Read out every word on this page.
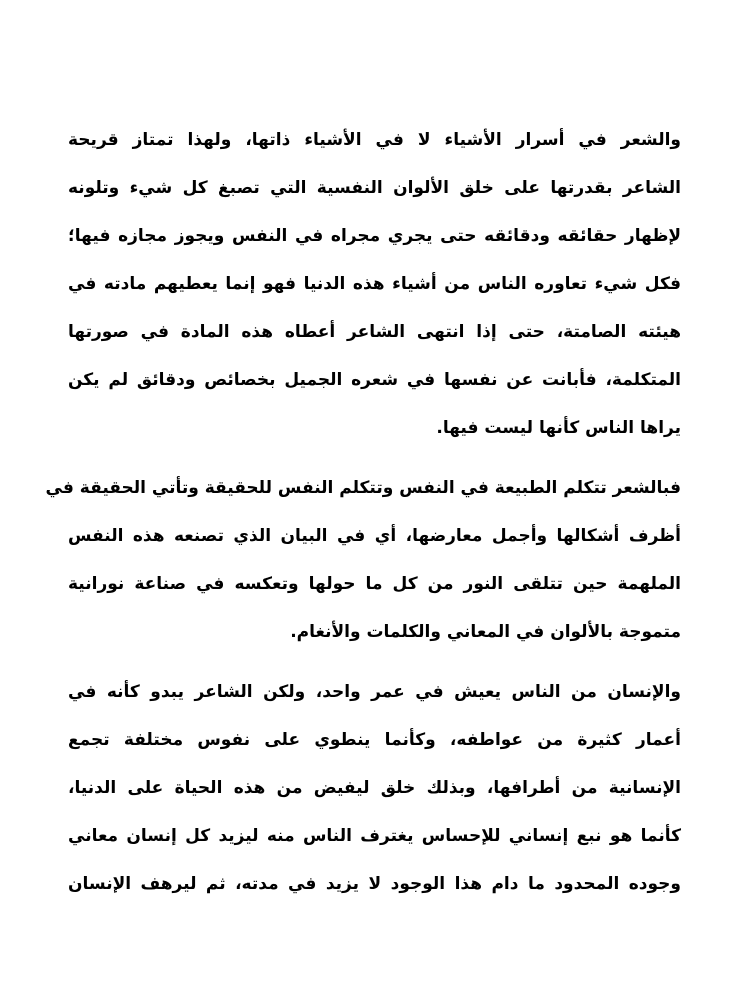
والشعر في أسرار الأشياء لا في الأشياء ذاتها، ولهذا تمتاز قريحة
الشاعر بقدرتها على خلق الألوان النفسية التي تصبغ كل شيء وتلونه
لإظهار حقائقه ودقائقه حتى يجري مجراه في النفس ويجوز مجازه فيها؛
فكل شيء تعاوره الناس من أشياء هذه الدنيا فهو إنما يعطيهم مادته في
هيئته الصامتة، حتى إذا انتهى الشاعر أعطاه هذه المادة في صورتها
المتكلمة، فأبانت عن نفسها في شعره الجميل بخصائص ودقائق لم يكن
يراها الناس كأنها ليست فيها.

فبالشعر تتكلم الطبيعة في النفس وتتكلم النفس للحقيقة وتأتي الحقيقة في
أظرف أشكالها وأجمل معارضها، أي في البيان الذي تصنعه هذه النفس
الملهمة حين تتلقى النور من كل ما حولها وتعكسه في صناعة نورانية
متموجة بالألوان في المعاني والكلمات والأنغام.

والإنسان من الناس يعيش في عمر واحد، ولكن الشاعر يبدو كأنه في
أعمار كثيرة من عواطفه، وكأنما ينطوي على نفوس مختلفة تجمع
الإنسانية من أطرافها، وبذلك خلق ليفيض من هذه الحياة على الدنيا،
كأنما هو نبع إنساني للإحساس يغترف الناس منه ليزيد كل إنسان معاني
وجوده المحدود ما دام هذا الوجود لا يزيد في مدته، ثم ليرهف الإنسان
